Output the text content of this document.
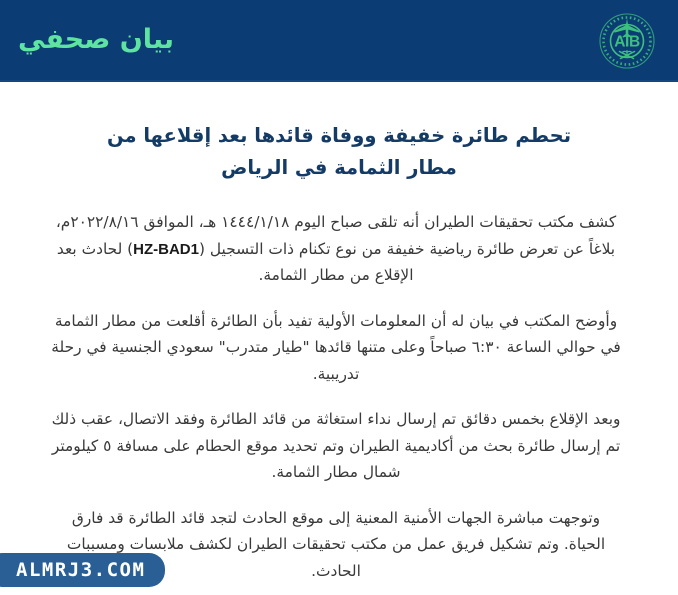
AIB
بيان صحفي
تحطم طائرة خفيفة ووفاة قائدها بعد إقلاعها من مطار الثمامة في الرياض

كشف مكتب تحقيقات الطيران أنه تلقى صباح اليوم ١٤٤٤/١/١٨ هـ، الموافق ٢٠٢٢/٨/١٦م، بلاغاً عن تعرض طائرة رياضية خفيفة من نوع تكنام ذات التسجيل (HZ-BAD1) لحادث بعد الإقلاع من مطار الثمامة.

وأوضح المكتب في بيان له أن المعلومات الأولية تفيد بأن الطائرة أقلعت من مطار الثمامة في حوالي الساعة ٦:٣٠ صباحاً وعلى متنها قائدها "طيار متدرب" سعودي الجنسية في رحلة تدريبية.

وبعد الإقلاع بخمس دقائق تم إرسال نداء استغاثة من قائد الطائرة وفقد الاتصال، عقب ذلك تم إرسال طائرة بحث من أكاديمية الطيران وتم تحديد موقع الحطام على مسافة ٥ كيلومتر شمال مطار الثمامة.

وتوجهت مباشرة الجهات الأمنية المعنية إلى موقع الحادث لتجد قائد الطائرة قد فارق الحياة. وتم تشكيل فريق عمل من مكتب تحقيقات الطيران لكشف ملابسات ومسببات الحادث.

ALMRJ3.COM
